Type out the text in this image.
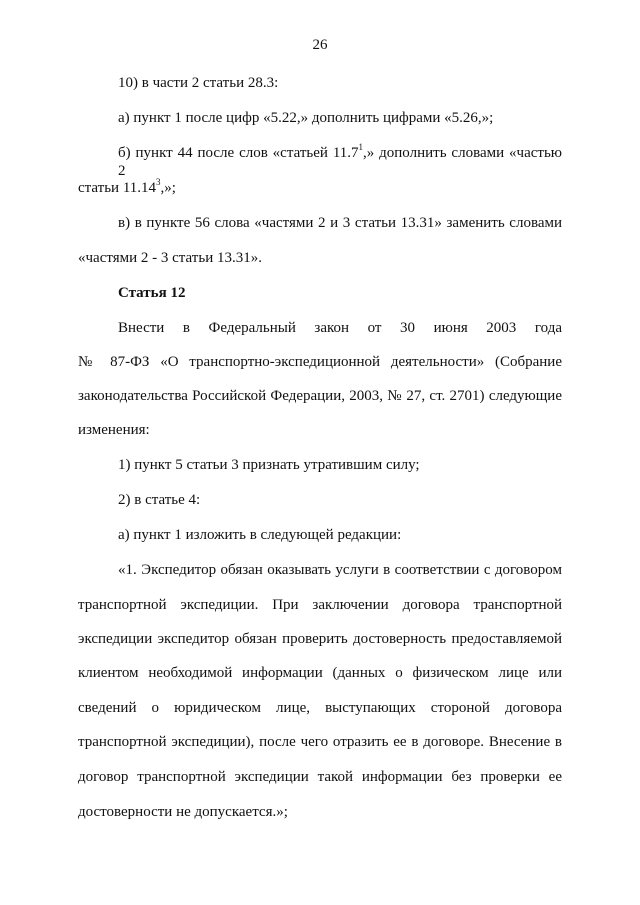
26
10) в части 2 статьи 28.3:
а) пункт 1 после цифр «5.22,» дополнить цифрами «5.26,»;
б) пункт 44 после слов «статьей 11.7$^1$,» дополнить словами «частью 2
статьи 11.14$^3$,»;
в) в пункте 56 слова «частями 2 и 3 статьи 13.31» заменить словами
«частями 2 - 3 статьи 13.31».
Статья 12
Внести в Федеральный закон от 30 июня 2003 года
№ 87-ФЗ «О транспортно-экспедиционной деятельности» (Собрание
законодательства Российской Федерации, 2003, № 27, ст. 2701) следующие
изменения:
1) пункт 5 статьи 3 признать утратившим силу;
2) в статье 4:
а) пункт 1 изложить в следующей редакции:
«1. Экспедитор обязан оказывать услуги в соответствии с договором
транспортной экспедиции. При заключении договора транспортной
экспедиции экспедитор обязан проверить достоверность предоставляемой
клиентом необходимой информации (данных о физическом лице или
сведений о юридическом лице, выступающих стороной договора
транспортной экспедиции), после чего отразить ее в договоре. Внесение в
договор транспортной экспедиции такой информации без проверки ее
достоверности не допускается.»;
